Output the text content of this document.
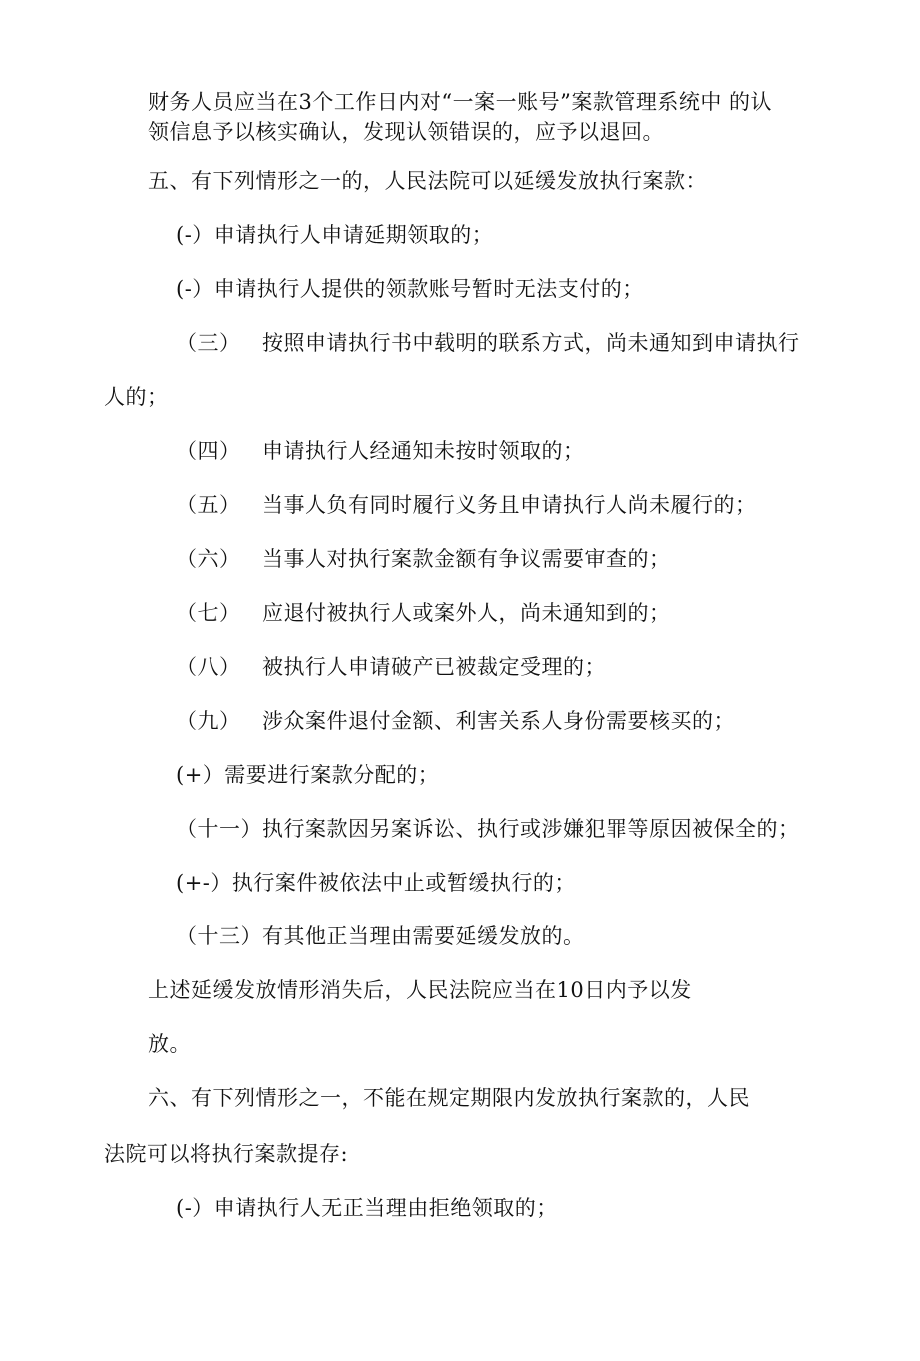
财务人员应当在3个工作日内对“一案一账号”案款管理系统中 的认
领信息予以核实确认，发现认领错误的，应予以退回。
五、有下列情形之一的，人民法院可以延缓发放执行案款：
(-）申请执行人申请延期领取的；
(-）申请执行人提供的领款账号暂时无法支付的；
（三） 按照申请执行书中载明的联系方式，尚未通知到申请执行
人的；
（四） 申请执行人经通知未按时领取的；
（五） 当事人负有同时履行义务且申请执行人尚未履行的；
（六） 当事人对执行案款金额有争议需要审查的；
（七） 应退付被执行人或案外人，尚未通知到的；
（八） 被执行人申请破产已被裁定受理的；
（九） 涉众案件退付金额、利害关系人身份需要核买的；
(+）需要进行案款分配的；
（十一）执行案款因另案诉讼、执行或涉嫌犯罪等原因被保全的；
(+-）执行案件被依法中止或暂缓执行的；
（十三）有其他正当理由需要延缓发放的。
上述延缓发放情形消失后，人民法院应当在10日内予以发
放。
六、有下列情形之一，不能在规定期限内发放执行案款的，人民
法院可以将执行案款提存:
(-）申请执行人无正当理由拒绝领取的；
